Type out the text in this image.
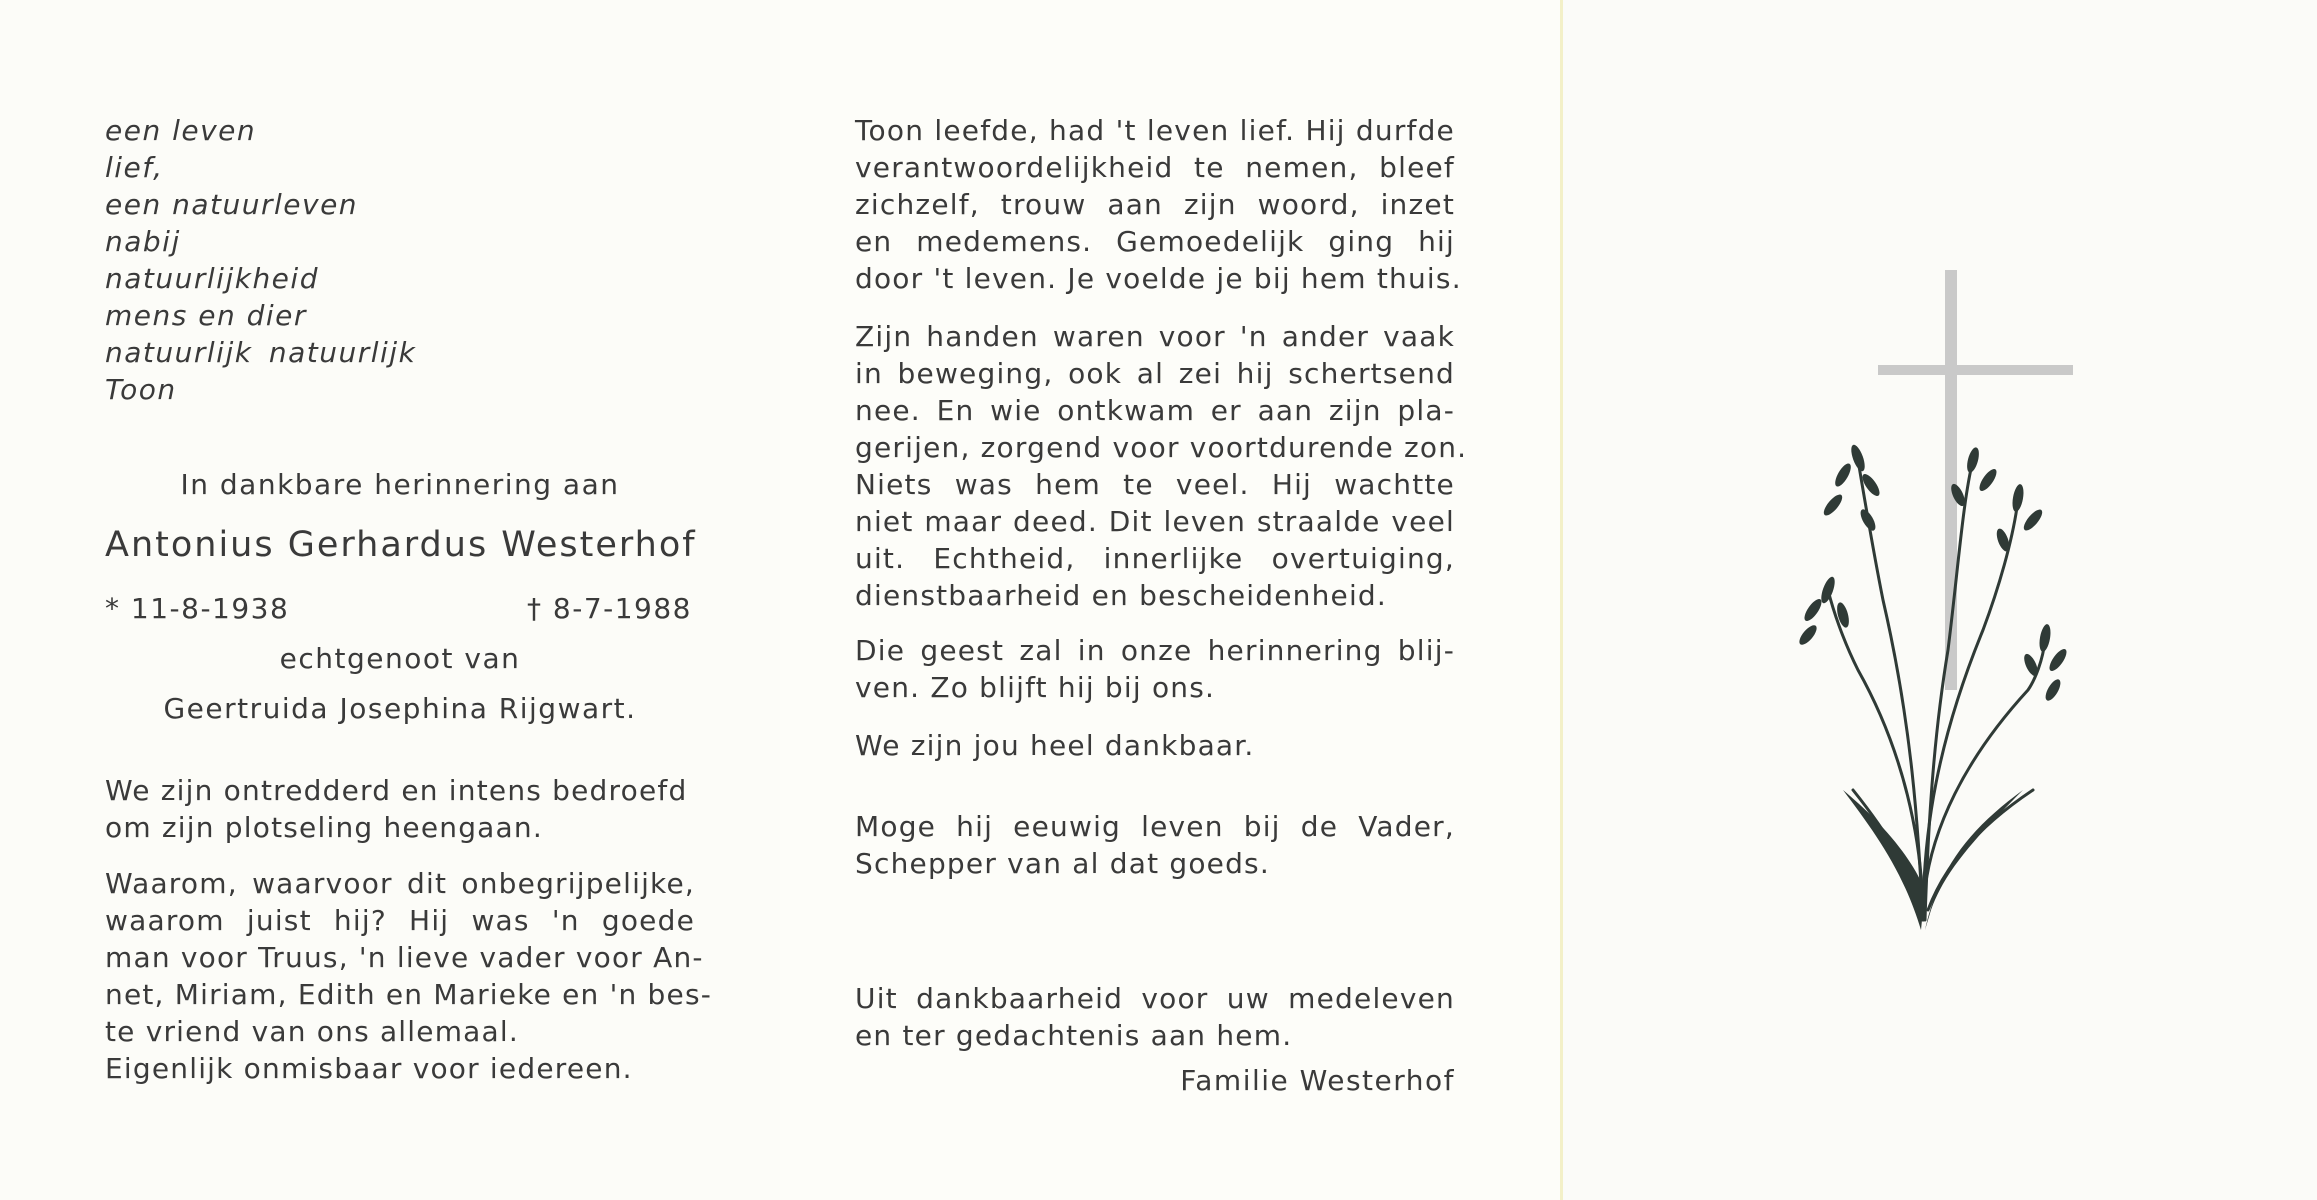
een leven
lief,
een natuurleven
nabij
natuurlijkheid
mens en dier
natuurlijk natuurlijk
Toon
In dankbare herinnering aan
Antonius Gerhardus Westerhof
* 11-8-1938	† 8-7-1988
echtgenoot van
Geertruida Josephina Rijgwart.
We zijn ontredderd en intens bedroefd
om zijn plotseling heengaan.
Waarom, waarvoor dit onbegrijpelijke,
waarom juist hij? Hij was 'n goede
man voor Truus, 'n lieve vader voor An-
net, Miriam, Edith en Marieke en 'n bes-
te vriend van ons allemaal.
Eigenlijk onmisbaar voor iedereen.
Toon leefde, had 't leven lief. Hij durfde
verantwoordelijkheid te nemen, bleef
zichzelf, trouw aan zijn woord, inzet
en medemens. Gemoedelijk ging hij
door 't leven. Je voelde je bij hem thuis.
Zijn handen waren voor 'n ander vaak
in beweging, ook al zei hij schertsend
nee. En wie ontkwam er aan zijn pla-
gerijen, zorgend voor voortdurende zon.
Niets was hem te veel. Hij wachtte
niet maar deed. Dit leven straalde veel
uit. Echtheid, innerlijke overtuiging,
dienstbaarheid en bescheidenheid.
Die geest zal in onze herinnering blij-
ven. Zo blijft hij bij ons.
We zijn jou heel dankbaar.
Moge hij eeuwig leven bij de Vader,
Schepper van al dat goeds.
Uit dankbaarheid voor uw medeleven
en ter gedachtenis aan hem.
Familie Westerhof
